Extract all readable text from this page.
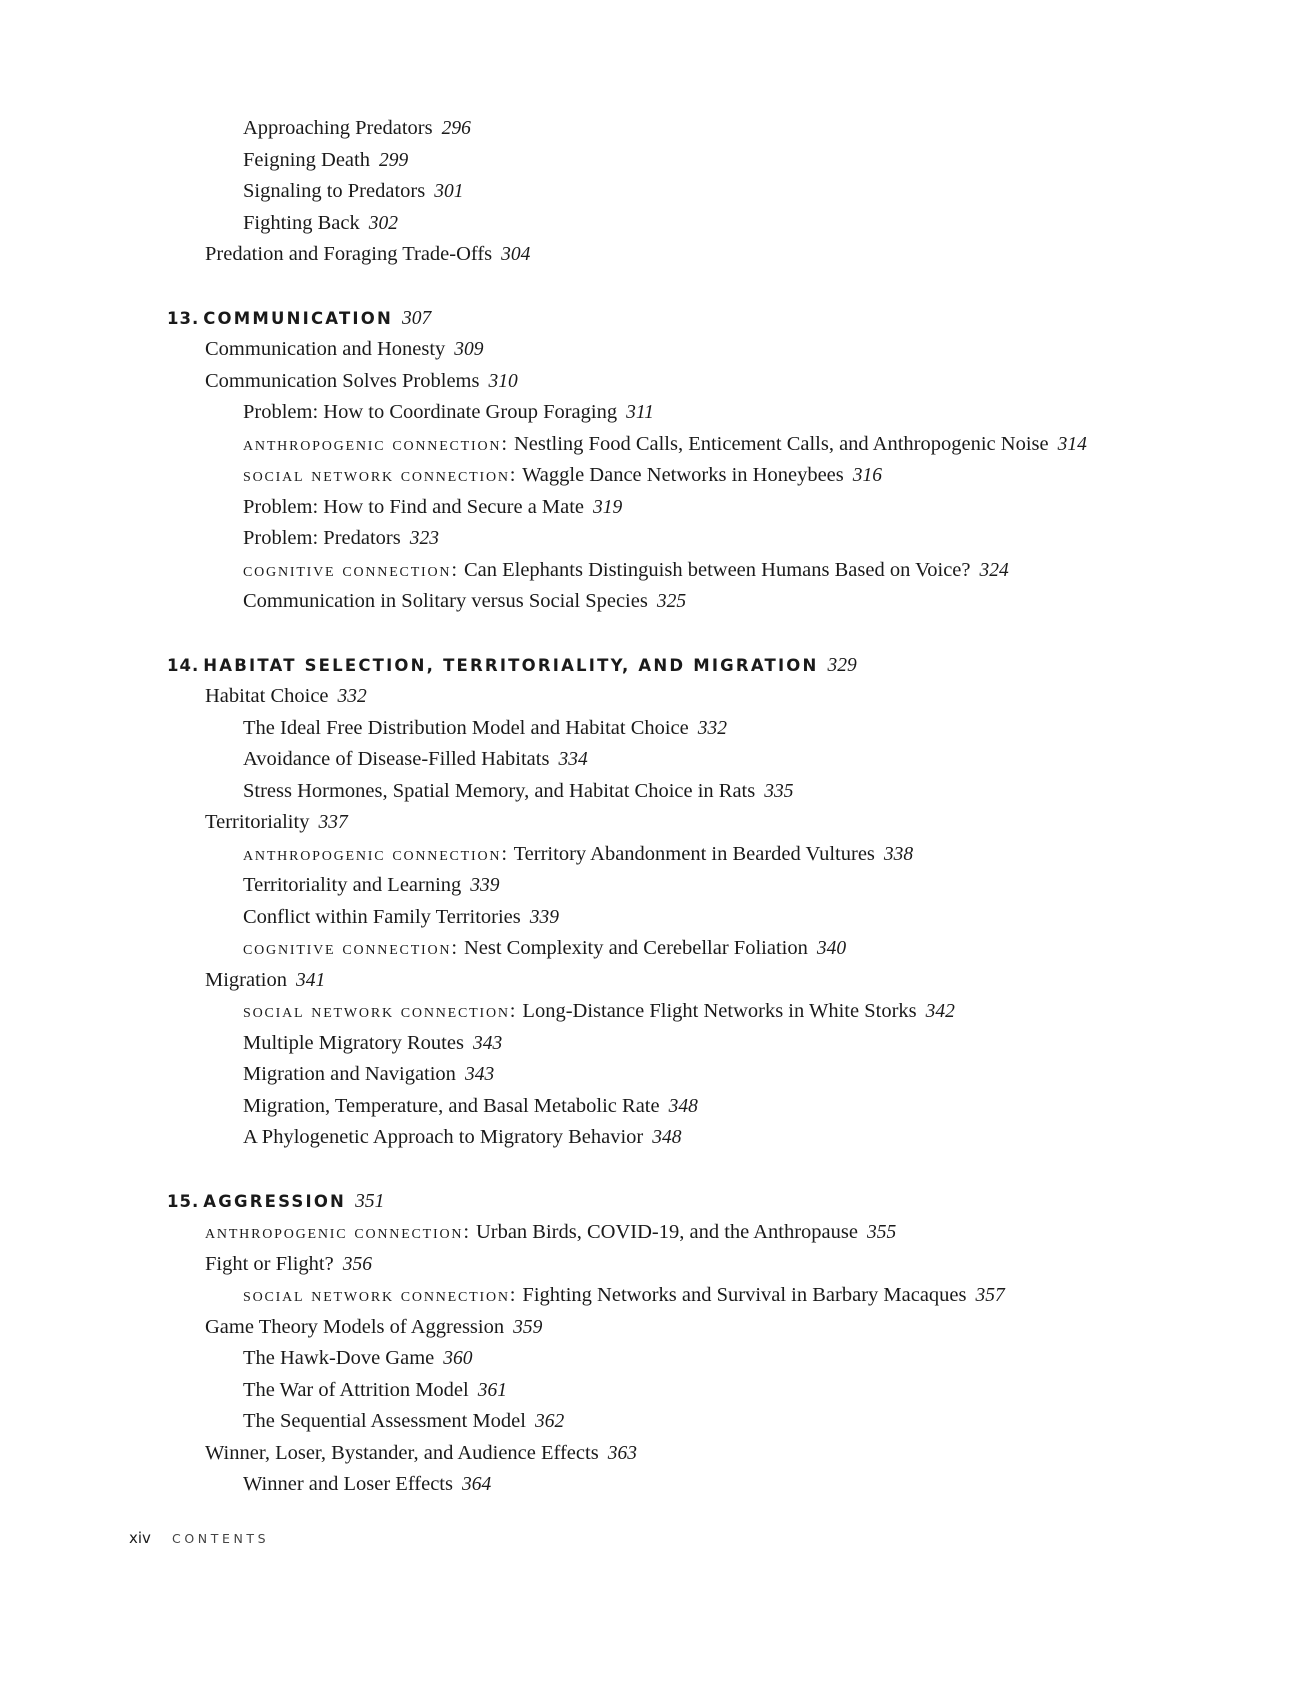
Approaching Predators 296
Feigning Death 299
Signaling to Predators 301
Fighting Back 302
Predation and Foraging Trade-Offs 304
13. COMMUNICATION 307
Communication and Honesty 309
Communication Solves Problems 310
Problem: How to Coordinate Group Foraging 311
anthropogenic connection: Nestling Food Calls, Enticement Calls, and Anthropogenic Noise 314
social network connection: Waggle Dance Networks in Honeybees 316
Problem: How to Find and Secure a Mate 319
Problem: Predators 323
cognitive connection: Can Elephants Distinguish between Humans Based on Voice? 324
Communication in Solitary versus Social Species 325
14. HABITAT SELECTION, TERRITORIALITY, AND MIGRATION 329
Habitat Choice 332
The Ideal Free Distribution Model and Habitat Choice 332
Avoidance of Disease-Filled Habitats 334
Stress Hormones, Spatial Memory, and Habitat Choice in Rats 335
Territoriality 337
anthropogenic connection: Territory Abandonment in Bearded Vultures 338
Territoriality and Learning 339
Conflict within Family Territories 339
cognitive connection: Nest Complexity and Cerebellar Foliation 340
Migration 341
social network connection: Long-Distance Flight Networks in White Storks 342
Multiple Migratory Routes 343
Migration and Navigation 343
Migration, Temperature, and Basal Metabolic Rate 348
A Phylogenetic Approach to Migratory Behavior 348
15. AGGRESSION 351
anthropogenic connection: Urban Birds, COVID-19, and the Anthropause 355
Fight or Flight? 356
social network connection: Fighting Networks and Survival in Barbary Macaques 357
Game Theory Models of Aggression 359
The Hawk-Dove Game 360
The War of Attrition Model 361
The Sequential Assessment Model 362
Winner, Loser, Bystander, and Audience Effects 363
Winner and Loser Effects 364
xiv CONTENTS
